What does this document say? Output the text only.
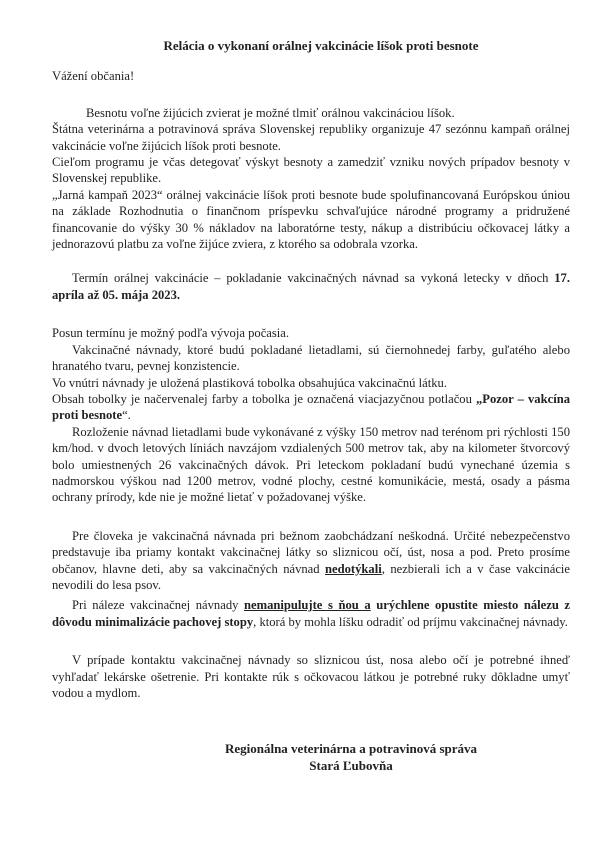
Relácia o vykonaní orálnej vakcinácie líšok proti besnote

Vážení občania!

Besnotu voľne žijúcich zvierat je možné tlmiť orálnou vakcináciou líšok.

Štátna veterinárna a potravinová správa Slovenskej republiky organizuje 47 sezónnu kampaň orálnej vakcinácie voľne žijúcich líšok proti besnote.

Cieľom programu je včas detegovať výskyt besnoty a zamedziť vzniku nových prípadov besnoty v Slovenskej republike.

„Jarná kampaň 2023“ orálnej vakcinácie líšok proti besnote bude spolufinancovaná Európskou úniou na základe Rozhodnutia o finančnom príspevku schvaľujúce národné programy a pridružené financovanie do výšky 30 % nákladov na laboratórne testy, nákup a distribúciu očkovacej látky a jednorazovú platbu za voľne žijúce zviera, z ktorého sa odobrala vzorka.

Termín orálnej vakcinácie – pokladanie vakcinačných návnad sa vykoná letecky v dňoch 17. apríla až 05. mája 2023.

Posun termínu je možný podľa vývoja počasia.

Vakcinačné návnady, ktoré budú pokladané lietadlami, sú čiernohnedej farby, guľatého alebo hranatého tvaru, pevnej konzistencie.

Vo vnútri návnady je uložená plastiková tobolka obsahujúca vakcinačnú látku.

Obsah tobolky je načervenalej farby a tobolka je označená viacjazyčnou potlačou „Pozor – vakcína proti besnote“.

Rozloženie návnad lietadlami bude vykonávané z výšky 150 metrov nad terénom pri rýchlosti 150 km/hod. v dvoch letových líniách navzájom vzdialených 500 metrov tak, aby na kilometer štvorcový bolo umiestnených 26 vakcinačných dávok. Pri leteckom pokladaní budú vynechané územia s nadmorskou výškou nad 1200 metrov, vodné plochy, cestné komunikácie, mestá, osady a pásma ochrany prírody, kde nie je možné lietať v požadovanej výške.

Pre človeka je vakcinačná návnada pri bežnom zaobchádzaní neškodná. Určité nebezpečenstvo predstavuje iba priamy kontakt vakcinačnej látky so sliznicou očí, úst, nosa a pod. Preto prosíme občanov, hlavne deti, aby sa vakcinačných návnad nedotýkali, nezbierali ich a v čase vakcinácie nevodili do lesa psov.

Pri náleze vakcinačnej návnady nemanipulujte s ňou a urýchlene opustite miesto nálezu z dôvodu minimalizácie pachovej stopy, ktorá by mohla líšku odradiť od príjmu vakcinačnej návnady.

V prípade kontaktu vakcinačnej návnady so sliznicou úst, nosa alebo očí je potrebné ihneď vyhľadať lekárske ošetrenie. Pri kontakte rúk s očkovacou látkou je potrebné ruky dôkladne umyť vodou a mydlom.

Regionálna veterinárna a potravinová správa
Stará Ľubovňa
